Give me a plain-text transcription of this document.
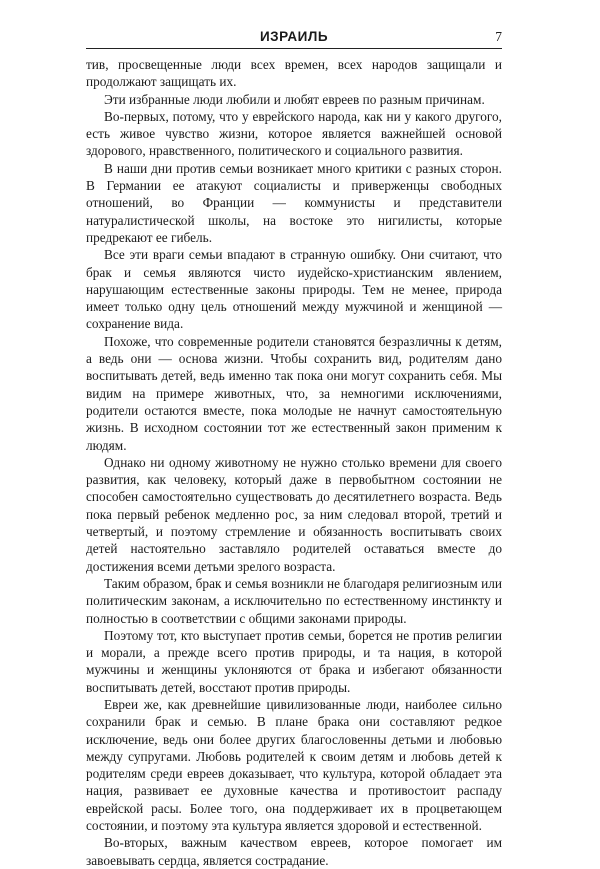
ИЗРАИЛЬ	7

тив, просвещенные люди всех времен, всех народов защищали и продолжают защищать их.

Эти избранные люди любили и любят евреев по разным причинам.

Во-первых, потому, что у еврейского народа, как ни у какого другого, есть живое чувство жизни, которое является важнейшей основой здорового, нравственного, политического и социального развития.

В наши дни против семьи возникает много критики с разных сторон. В Германии ее атакуют социалисты и приверженцы свободных отношений, во Франции — коммунисты и представители натуралистической школы, на востоке это нигилисты, которые предрекают ее гибель.

Все эти враги семьи впадают в странную ошибку. Они считают, что брак и семья являются чисто иудейско-христианским явлением, нарушающим естественные законы природы. Тем не менее, природа имеет только одну цель отношений между мужчиной и женщиной — сохранение вида.

Похоже, что современные родители становятся безразличны к детям, а ведь они — основа жизни. Чтобы сохранить вид, родителям дано воспитывать детей, ведь именно так пока они могут сохранить себя. Мы видим на примере животных, что, за немногими исключениями, родители остаются вместе, пока молодые не начнут самостоятельную жизнь. В исходном состоянии тот же естественный закон применим к людям.

Однако ни одному животному не нужно столько времени для своего развития, как человеку, который даже в первобытном состоянии не способен самостоятельно существовать до десятилетнего возраста. Ведь пока первый ребенок медленно рос, за ним следовал второй, третий и четвертый, и поэтому стремление и обязанность воспитывать своих детей настоятельно заставляло родителей оставаться вместе до достижения всеми детьми зрелого возраста.

Таким образом, брак и семья возникли не благодаря религиозным или политическим законам, а исключительно по естественному инстинкту и полностью в соответствии с общими законами природы.

Поэтому тот, кто выступает против семьи, борется не против религии и морали, а прежде всего против природы, и та нация, в которой мужчины и женщины уклоняются от брака и избегают обязанности воспитывать детей, восстают против природы.

Евреи же, как древнейшие цивилизованные люди, наиболее сильно сохранили брак и семью. В плане брака они составляют редкое исключение, ведь они более других благословенны детьми и любовью между супругами. Любовь родителей к своим детям и любовь детей к родителям среди евреев доказывает, что культура, которой обладает эта нация, развивает ее духовные качества и противостоит распаду еврейской расы. Более того, она поддерживает их в процветающем состоянии, и поэтому эта культура является здоровой и естественной.

Во-вторых, важным качеством евреев, которое помогает им завоевывать сердца, является сострадание.
